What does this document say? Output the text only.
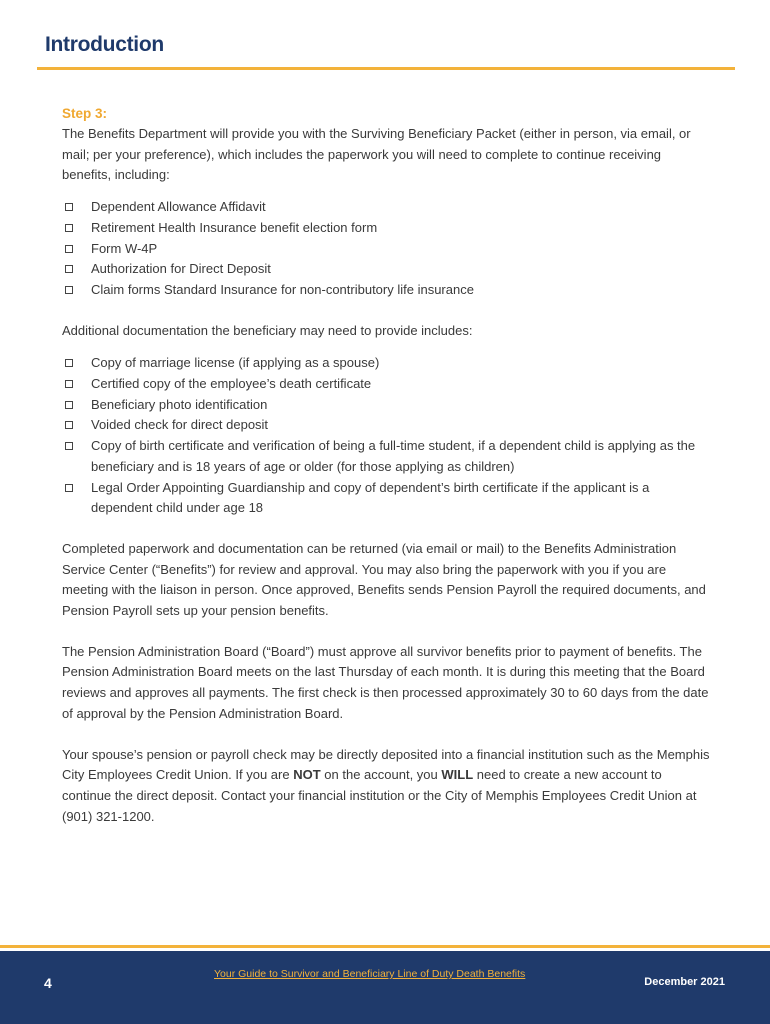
Introduction
Step 3:

The Benefits Department will provide you with the Surviving Beneficiary Packet (either in person, via email, or mail; per your preference), which includes the paperwork you will need to complete to continue receiving benefits, including:

Dependent Allowance Affidavit
Retirement Health Insurance benefit election form
Form W-4P
Authorization for Direct Deposit
Claim forms Standard Insurance for non-contributory life insurance

Additional documentation the beneficiary may need to provide includes:

Copy of marriage license (if applying as a spouse)
Certified copy of the employee’s death certificate
Beneficiary photo identification
Voided check for direct deposit
Copy of birth certificate and verification of being a full-time student, if a dependent child is applying as the beneficiary and is 18 years of age or older (for those applying as children)
Legal Order Appointing Guardianship and copy of dependent’s birth certificate if the applicant is a dependent child under age 18

Completed paperwork and documentation can be returned (via email or mail) to the Benefits Administration Service Center (“Benefits”) for review and approval. You may also bring the paperwork with you if you are meeting with the liaison in person. Once approved, Benefits sends Pension Payroll the required documents, and Pension Payroll sets up your pension benefits.

The Pension Administration Board (“Board”) must approve all survivor benefits prior to payment of benefits. The Pension Administration Board meets on the last Thursday of each month. It is during this meeting that the Board reviews and approves all payments. The first check is then processed approximately 30 to 60 days from the date of approval by the Pension Administration Board.

Your spouse’s pension or payroll check may be directly deposited into a financial institution such as the Memphis City Employees Credit Union. If you are NOT on the account, you WILL need to create a new account to continue the direct deposit. Contact your financial institution or the City of Memphis Employees Credit Union at (901) 321-1200.

4
Your Guide to Survivor and Beneficiary Line of Duty Death Benefits
December 2021
